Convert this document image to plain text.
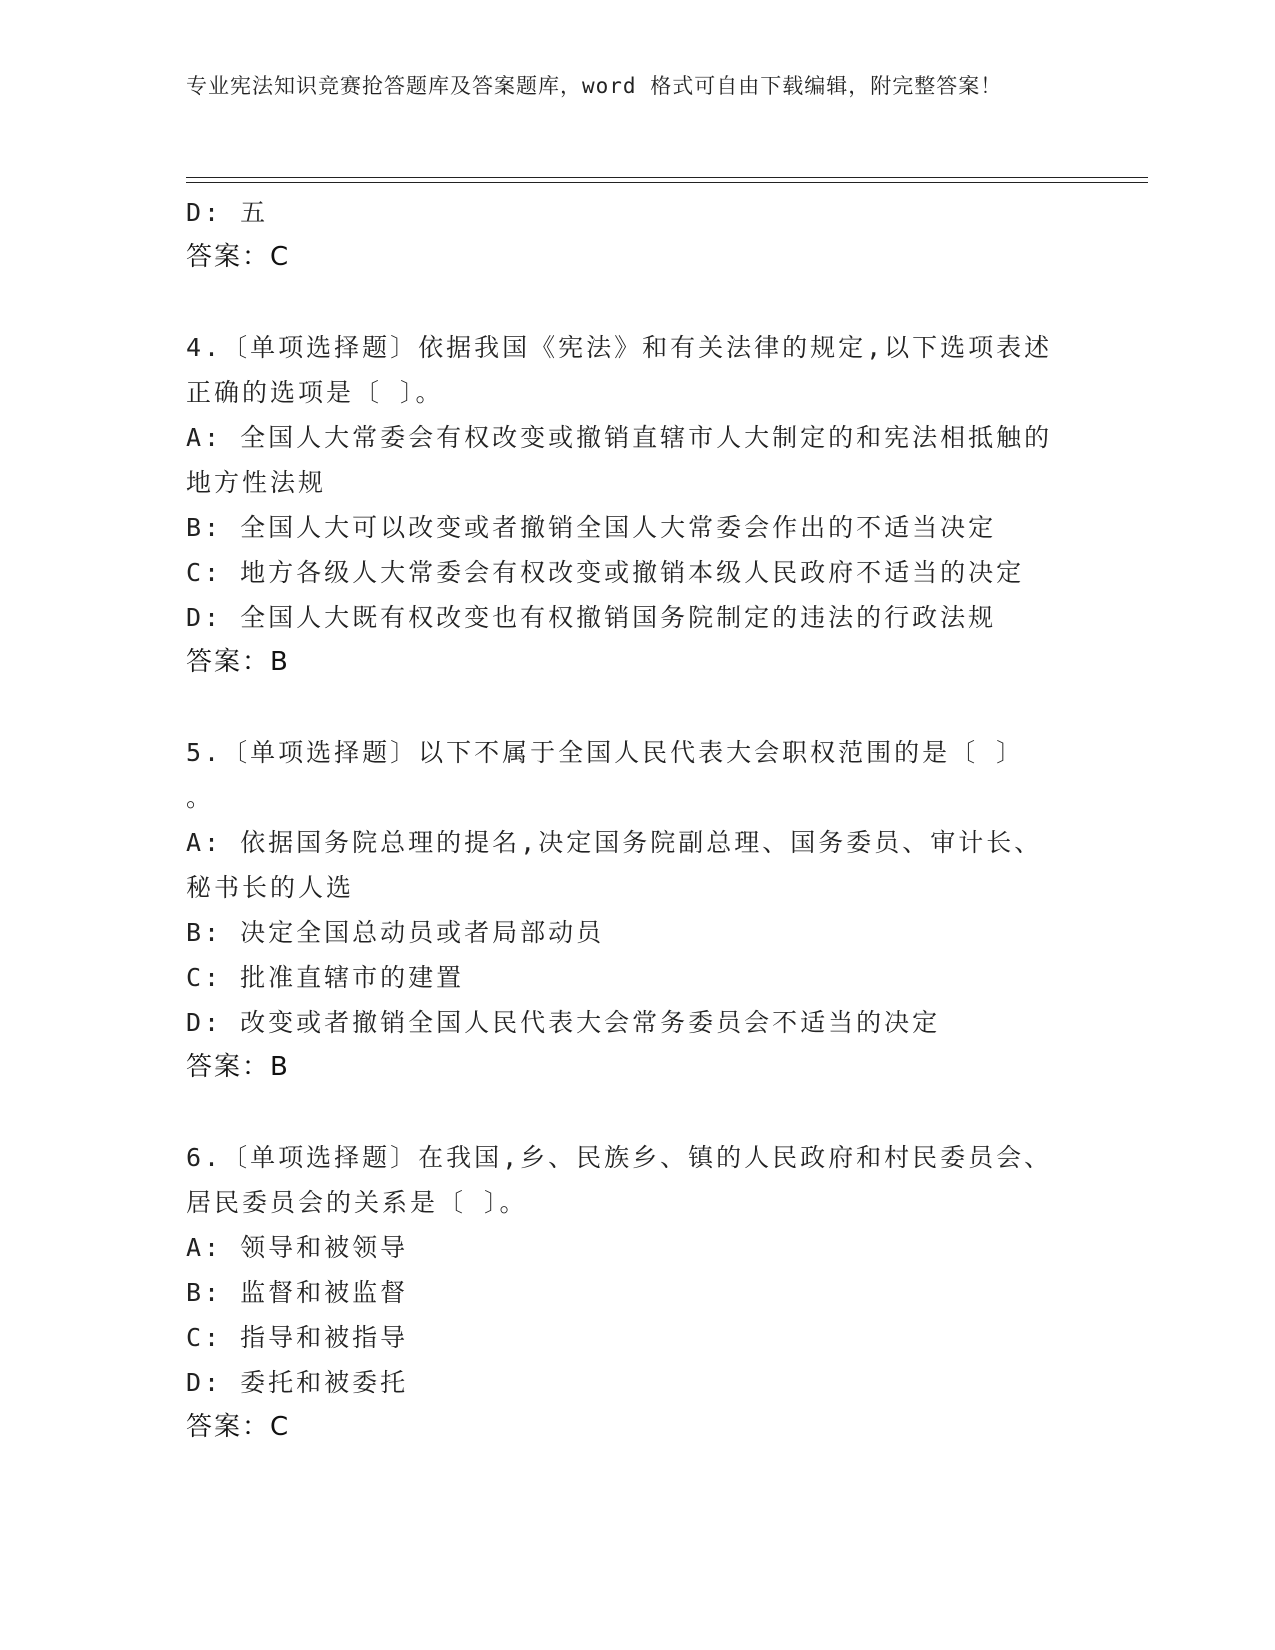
专业宪法知识竞赛抢答题库及答案题库，word 格式可自由下载编辑，附完整答案！
D: 五
答案：C
4.〔单项选择题〕依据我国《宪法》和有关法律的规定,以下选项表述
正确的选项是〔 〕。
A: 全国人大常委会有权改变或撤销直辖市人大制定的和宪法相抵触的
地方性法规
B: 全国人大可以改变或者撤销全国人大常委会作出的不适当决定
C: 地方各级人大常委会有权改变或撤销本级人民政府不适当的决定
D: 全国人大既有权改变也有权撤销国务院制定的违法的行政法规
答案：B
5.〔单项选择题〕以下不属于全国人民代表大会职权范围的是〔 〕
。
A: 依据国务院总理的提名,决定国务院副总理、国务委员、审计长、
秘书长的人选
B: 决定全国总动员或者局部动员
C: 批准直辖市的建置
D: 改变或者撤销全国人民代表大会常务委员会不适当的决定
答案：B
6.〔单项选择题〕在我国,乡、民族乡、镇的人民政府和村民委员会、
居民委员会的关系是〔 〕。
A: 领导和被领导
B: 监督和被监督
C: 指导和被指导
D: 委托和被委托
答案：C
